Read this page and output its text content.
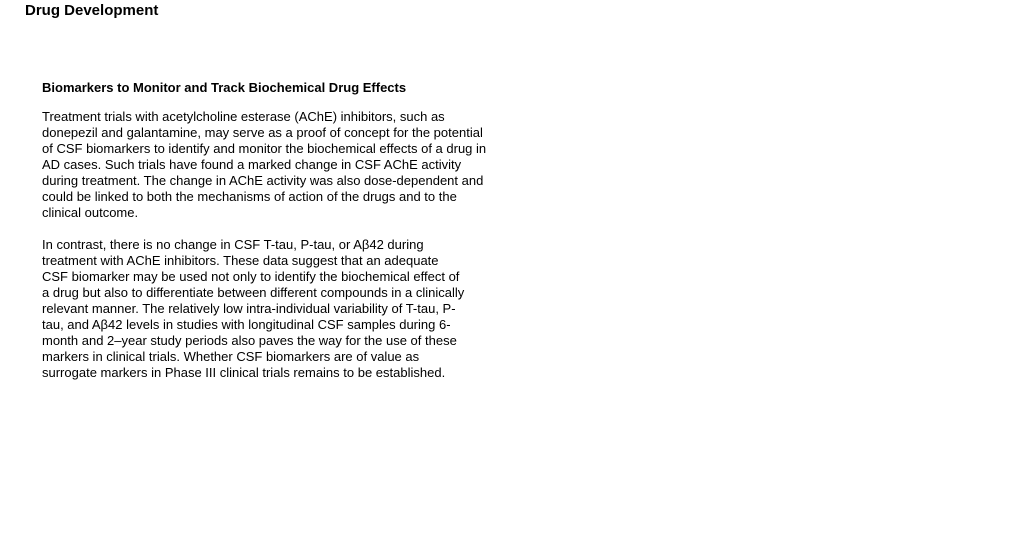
Drug Development
Biomarkers to Monitor and Track Biochemical Drug Effects

Treatment trials with acetylcholine esterase (AChE) inhibitors, such as
donepezil and galantamine, may serve as a proof of concept for the potential
of CSF biomarkers to identify and monitor the biochemical effects of a drug in
AD cases. Such trials have found a marked change in CSF AChE activity
during treatment. The change in AChE activity was also dose-dependent and
could be linked to both the mechanisms of action of the drugs and to the
clinical outcome.

In contrast, there is no change in CSF T-tau, P-tau, or Aβ42 during
treatment with AChE inhibitors. These data suggest that an adequate
CSF biomarker may be used not only to identify the biochemical effect of
a drug but also to differentiate between different compounds in a clinically
relevant manner. The relatively low intra-individual variability of T-tau, P-
tau, and Aβ42 levels in studies with longitudinal CSF samples during 6-
month and 2–year study periods also paves the way for the use of these
markers in clinical trials. Whether CSF biomarkers are of value as
surrogate markers in Phase III clinical trials remains to be established.
